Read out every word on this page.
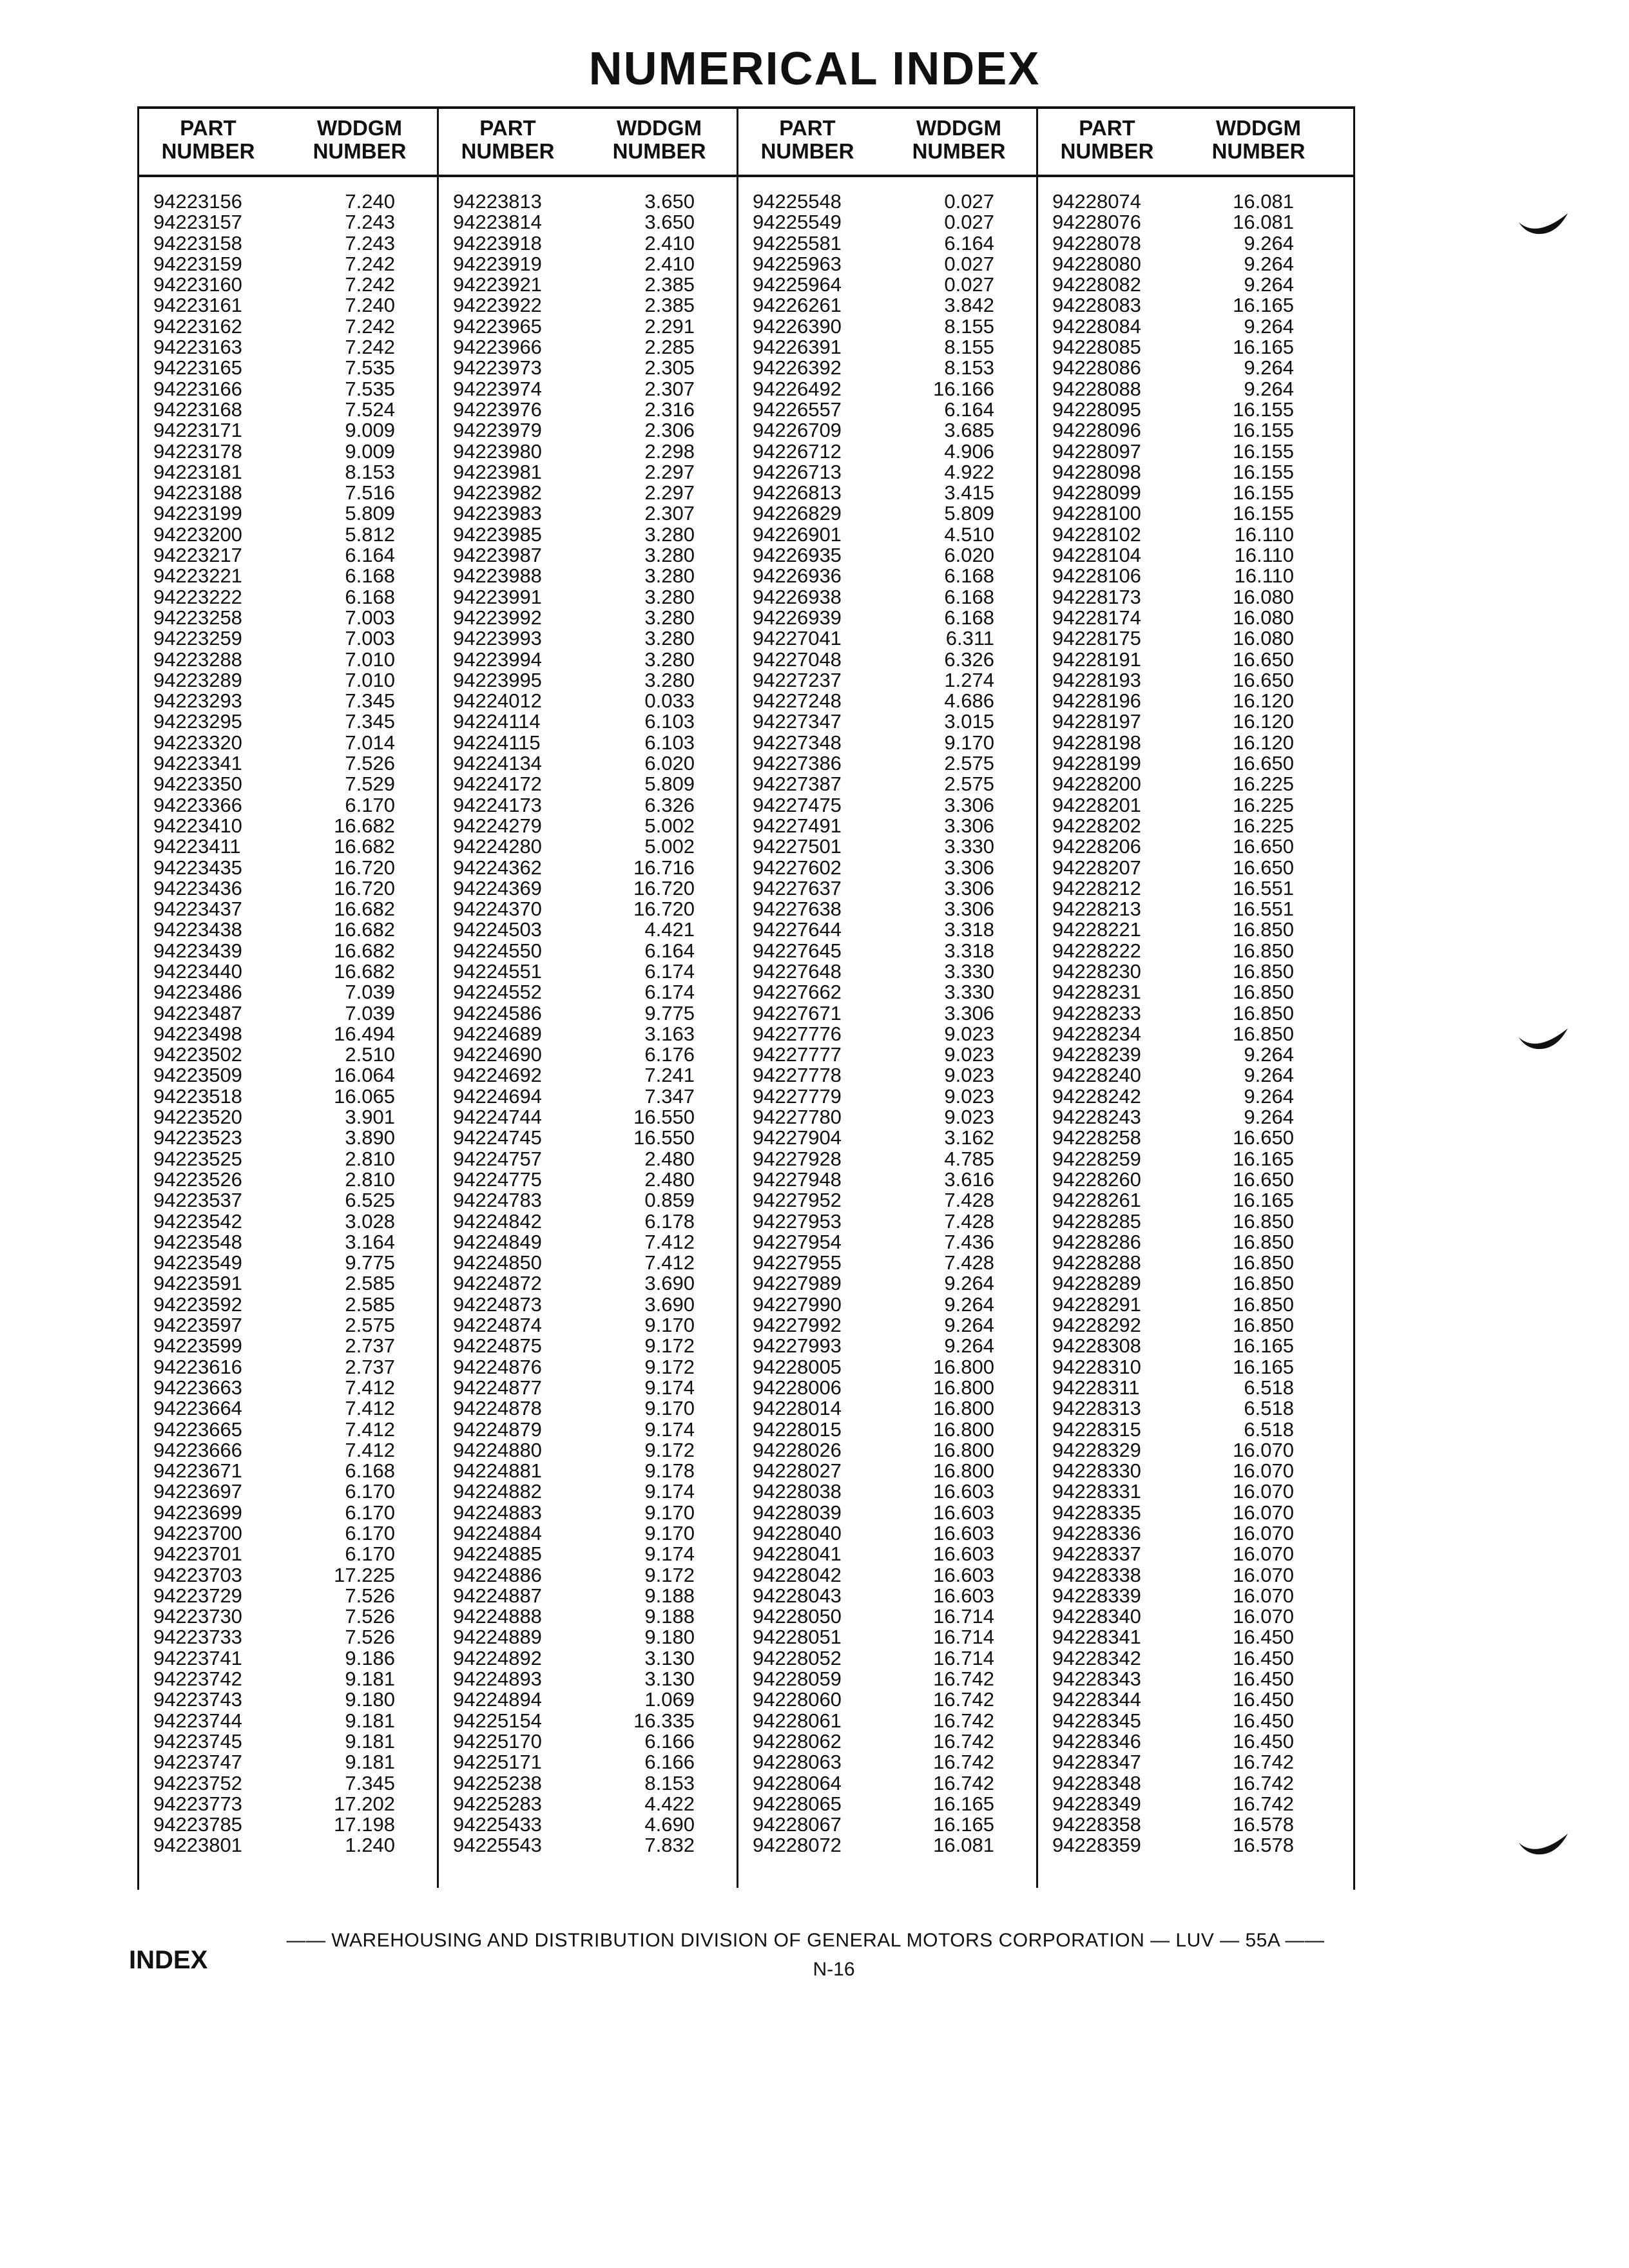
NUMERICAL INDEX
PART
NUMBER
WDDGM
NUMBER
PART
NUMBER
WDDGM
NUMBER
PART
NUMBER
WDDGM
NUMBER
PART
NUMBER
WDDGM
NUMBER
94223156	7.240
94223157	7.243
94223158	7.243
94223159	7.242
94223160	7.242
94223161	7.240
94223162	7.242
94223163	7.242
94223165	7.535
94223166	7.535
94223168	7.524
94223171	9.009
94223178	9.009
94223181	8.153
94223188	7.516
94223199	5.809
94223200	5.812
94223217	6.164
94223221	6.168
94223222	6.168
94223258	7.003
94223259	7.003
94223288	7.010
94223289	7.010
94223293	7.345
94223295	7.345
94223320	7.014
94223341	7.526
94223350	7.529
94223366	6.170
94223410	16.682
94223411	16.682
94223435	16.720
94223436	16.720
94223437	16.682
94223438	16.682
94223439	16.682
94223440	16.682
94223486	7.039
94223487	7.039
94223498	16.494
94223502	2.510
94223509	16.064
94223518	16.065
94223520	3.901
94223523	3.890
94223525	2.810
94223526	2.810
94223537	6.525
94223542	3.028
94223548	3.164
94223549	9.775
94223591	2.585
94223592	2.585
94223597	2.575
94223599	2.737
94223616	2.737
94223663	7.412
94223664	7.412
94223665	7.412
94223666	7.412
94223671	6.168
94223697	6.170
94223699	6.170
94223700	6.170
94223701	6.170
94223703	17.225
94223729	7.526
94223730	7.526
94223733	7.526
94223741	9.186
94223742	9.181
94223743	9.180
94223744	9.181
94223745	9.181
94223747	9.181
94223752	7.345
94223773	17.202
94223785	17.198
94223801	1.240
94223813	3.650
94223814	3.650
94223918	2.410
94223919	2.410
94223921	2.385
94223922	2.385
94223965	2.291
94223966	2.285
94223973	2.305
94223974	2.307
94223976	2.316
94223979	2.306
94223980	2.298
94223981	2.297
94223982	2.297
94223983	2.307
94223985	3.280
94223987	3.280
94223988	3.280
94223991	3.280
94223992	3.280
94223993	3.280
94223994	3.280
94223995	3.280
94224012	0.033
94224114	6.103
94224115	6.103
94224134	6.020
94224172	5.809
94224173	6.326
94224279	5.002
94224280	5.002
94224362	16.716
94224369	16.720
94224370	16.720
94224503	4.421
94224550	6.164
94224551	6.174
94224552	6.174
94224586	9.775
94224689	3.163
94224690	6.176
94224692	7.241
94224694	7.347
94224744	16.550
94224745	16.550
94224757	2.480
94224775	2.480
94224783	0.859
94224842	6.178
94224849	7.412
94224850	7.412
94224872	3.690
94224873	3.690
94224874	9.170
94224875	9.172
94224876	9.172
94224877	9.174
94224878	9.170
94224879	9.174
94224880	9.172
94224881	9.178
94224882	9.174
94224883	9.170
94224884	9.170
94224885	9.174
94224886	9.172
94224887	9.188
94224888	9.188
94224889	9.180
94224892	3.130
94224893	3.130
94224894	1.069
94225154	16.335
94225170	6.166
94225171	6.166
94225238	8.153
94225283	4.422
94225433	4.690
94225543	7.832
94225548	0.027
94225549	0.027
94225581	6.164
94225963	0.027
94225964	0.027
94226261	3.842
94226390	8.155
94226391	8.155
94226392	8.153
94226492	16.166
94226557	6.164
94226709	3.685
94226712	4.906
94226713	4.922
94226813	3.415
94226829	5.809
94226901	4.510
94226935	6.020
94226936	6.168
94226938	6.168
94226939	6.168
94227041	6.311
94227048	6.326
94227237	1.274
94227248	4.686
94227347	3.015
94227348	9.170
94227386	2.575
94227387	2.575
94227475	3.306
94227491	3.306
94227501	3.330
94227602	3.306
94227637	3.306
94227638	3.306
94227644	3.318
94227645	3.318
94227648	3.330
94227662	3.330
94227671	3.306
94227776	9.023
94227777	9.023
94227778	9.023
94227779	9.023
94227780	9.023
94227904	3.162
94227928	4.785
94227948	3.616
94227952	7.428
94227953	7.428
94227954	7.436
94227955	7.428
94227989	9.264
94227990	9.264
94227992	9.264
94227993	9.264
94228005	16.800
94228006	16.800
94228014	16.800
94228015	16.800
94228026	16.800
94228027	16.800
94228038	16.603
94228039	16.603
94228040	16.603
94228041	16.603
94228042	16.603
94228043	16.603
94228050	16.714
94228051	16.714
94228052	16.714
94228059	16.742
94228060	16.742
94228061	16.742
94228062	16.742
94228063	16.742
94228064	16.742
94228065	16.165
94228067	16.165
94228072	16.081
94228074	16.081
94228076	16.081
94228078	9.264
94228080	9.264
94228082	9.264
94228083	16.165
94228084	9.264
94228085	16.165
94228086	9.264
94228088	9.264
94228095	16.155
94228096	16.155
94228097	16.155
94228098	16.155
94228099	16.155
94228100	16.155
94228102	16.110
94228104	16.110
94228106	16.110
94228173	16.080
94228174	16.080
94228175	16.080
94228191	16.650
94228193	16.650
94228196	16.120
94228197	16.120
94228198	16.120
94228199	16.650
94228200	16.225
94228201	16.225
94228202	16.225
94228206	16.650
94228207	16.650
94228212	16.551
94228213	16.551
94228221	16.850
94228222	16.850
94228230	16.850
94228231	16.850
94228233	16.850
94228234	16.850
94228239	9.264
94228240	9.264
94228242	9.264
94228243	9.264
94228258	16.650
94228259	16.165
94228260	16.650
94228261	16.165
94228285	16.850
94228286	16.850
94228288	16.850
94228289	16.850
94228291	16.850
94228292	16.850
94228308	16.165
94228310	16.165
94228311	6.518
94228313	6.518
94228315	6.518
94228329	16.070
94228330	16.070
94228331	16.070
94228335	16.070
94228336	16.070
94228337	16.070
94228338	16.070
94228339	16.070
94228340	16.070
94228341	16.450
94228342	16.450
94228343	16.450
94228344	16.450
94228345	16.450
94228346	16.450
94228347	16.742
94228348	16.742
94228349	16.742
94228358	16.578
94228359	16.578
—— WAREHOUSING AND DISTRIBUTION DIVISION OF GENERAL MOTORS CORPORATION — LUV — 55A ——
INDEX	N-16
